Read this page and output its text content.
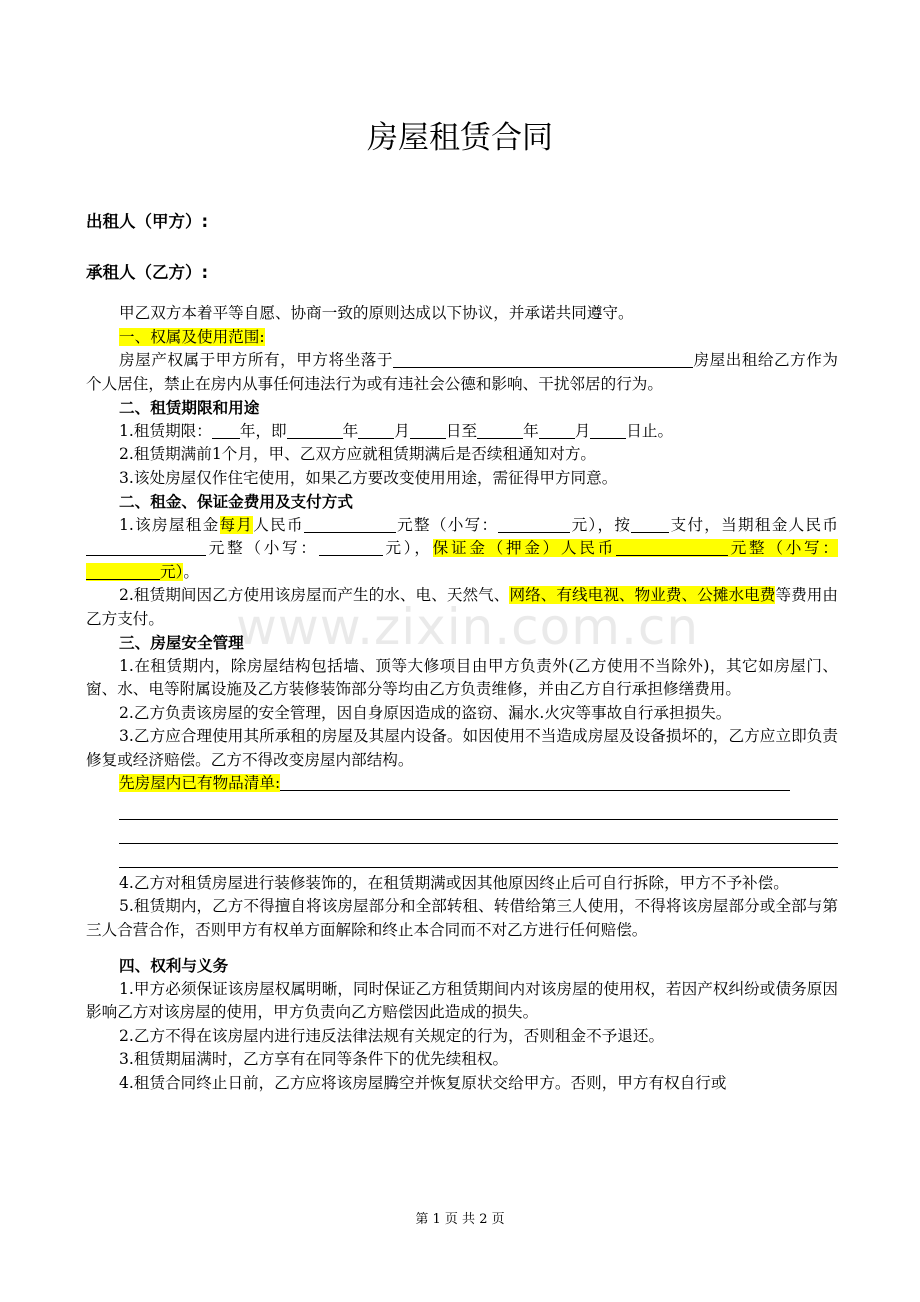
房屋租赁合同
出租人（甲方）:
承租人（乙方）:

甲乙双方本着平等自愿、协商一致的原则达成以下协议，并承诺共同遵守。

一、权属及使用范围:

房屋产权属于甲方所有，甲方将坐落于	房屋出租给乙方作为个人居住，禁止在房内从事任何违法行为或有违社会公德和影响、干扰邻居的行为。

二、租赁期限和用途

1.租赁期限： 年，即	年 月 日至	年 月 日止。

2.租赁期满前1个月，甲、乙双方应就租赁期满后是否续租通知对方。

3.该处房屋仅作住宅使用，如果乙方要改变使用用途，需征得甲方同意。

二、租金、保证金费用及支付方式

1.该房屋租金每月人民币	元整（小写：	元），按 支付，当期租金人民币元整（小写：	元），保证金（押金）人民币	元整（小写：元）。

2.租赁期间因乙方使用该房屋而产生的水、电、天然气、网络、有线电视、物业费、公摊水电费等费用由乙方支付。

三、房屋安全管理

1.在租赁期内，除房屋结构包括墙、顶等大修项目由甲方负责外(乙方使用不当除外)，其它如房屋门、窗、水、电等附属设施及乙方装修装饰部分等均由乙方负责维修，并由乙方自行承担修缮费用。

2.乙方负责该房屋的安全管理，因自身原因造成的盗窃、漏水.火灾等事故自行承担损失。

3.乙方应合理使用其所承租的房屋及其屋内设备。如因使用不当造成房屋及设备损坏的，乙方应立即负责修复或经济赔偿。乙方不得改变房屋内部结构。

先房屋内已有物品清单:

4.乙方对租赁房屋进行装修装饰的，在租赁期满或因其他原因终止后可自行拆除，甲方不予补偿。

5.租赁期内，乙方不得擅自将该房屋部分和全部转租、转借给第三人使用，不得将该房屋部分或全部与第三人合营合作，否则甲方有权单方面解除和终止本合同而不对乙方进行任何赔偿。

四、权利与义务

1.甲方必须保证该房屋权属明晰，同时保证乙方租赁期间内对该房屋的使用权，若因产权纠纷或债务原因影响乙方对该房屋的使用，甲方负责向乙方赔偿因此造成的损失。

2.乙方不得在该房屋内进行违反法律法规有关规定的行为，否则租金不予退还。

3.租赁期届满时，乙方享有在同等条件下的优先续租权。

4.租赁合同终止日前，乙方应将该房屋腾空并恢复原状交给甲方。否则，甲方有权自行或

www.zixin.com.cn
第 1 页 共 2 页
